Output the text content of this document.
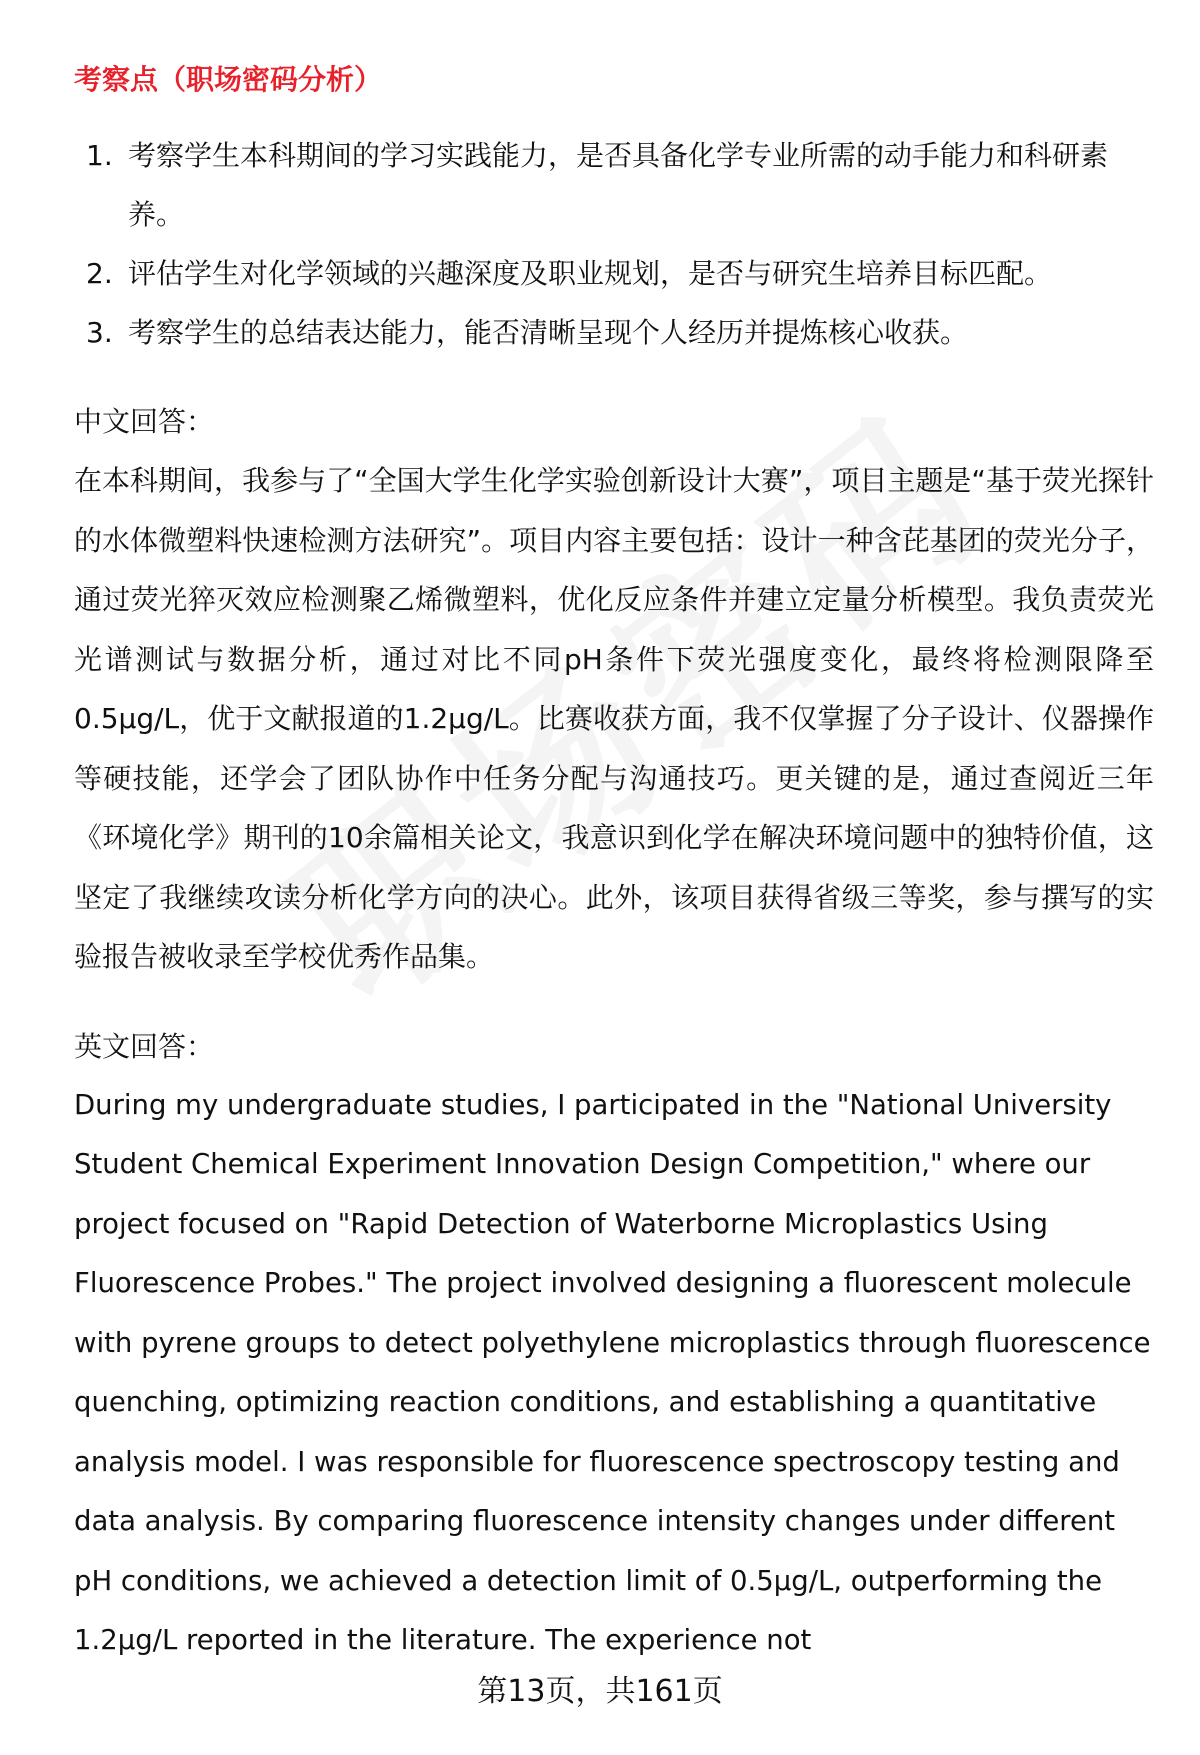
考察点（职场密码分析）
1. 考察学生本科期间的学习实践能力，是否具备化学专业所需的动手能力和科研素养。
2. 评估学生对化学领域的兴趣深度及职业规划，是否与研究生培养目标匹配。
3. 考察学生的总结表达能力，能否清晰呈现个人经历并提炼核心收获。
中文回答：
在本科期间，我参与了“全国大学生化学实验创新设计大赛”，项目主题是“基于荧光探针的水体微塑料快速检测方法研究”。项目内容主要包括：设计一种含芘基团的荧光分子，通过荧光猝灭效应检测聚乙烯微塑料，优化反应条件并建立定量分析模型。我负责荧光光谱测试与数据分析，通过对比不同pH条件下荧光强度变化，最终将检测限降至0.5μg/L，优于文献报道的1.2μg/L。比赛收获方面，我不仅掌握了分子设计、仪器操作等硬技能，还学会了团队协作中任务分配与沟通技巧。更关键的是，通过查阅近三年《环境化学》期刊的10余篇相关论文，我意识到化学在解决环境问题中的独特价值，这坚定了我继续攻读分析化学方向的决心。此外，该项目获得省级三等奖，参与撰写的实验报告被收录至学校优秀作品集。
英文回答：
During my undergraduate studies, I participated in the "National University Student Chemical Experiment Innovation Design Competition," where our project focused on "Rapid Detection of Waterborne Microplastics Using Fluorescence Probes." The project involved designing a fluorescent molecule with pyrene groups to detect polyethylene microplastics through fluorescence quenching, optimizing reaction conditions, and establishing a quantitative analysis model. I was responsible for fluorescence spectroscopy testing and data analysis. By comparing fluorescence intensity changes under different pH conditions, we achieved a detection limit of 0.5μg/L, outperforming the 1.2μg/L reported in the literature. The experience not
第13页，共161页
